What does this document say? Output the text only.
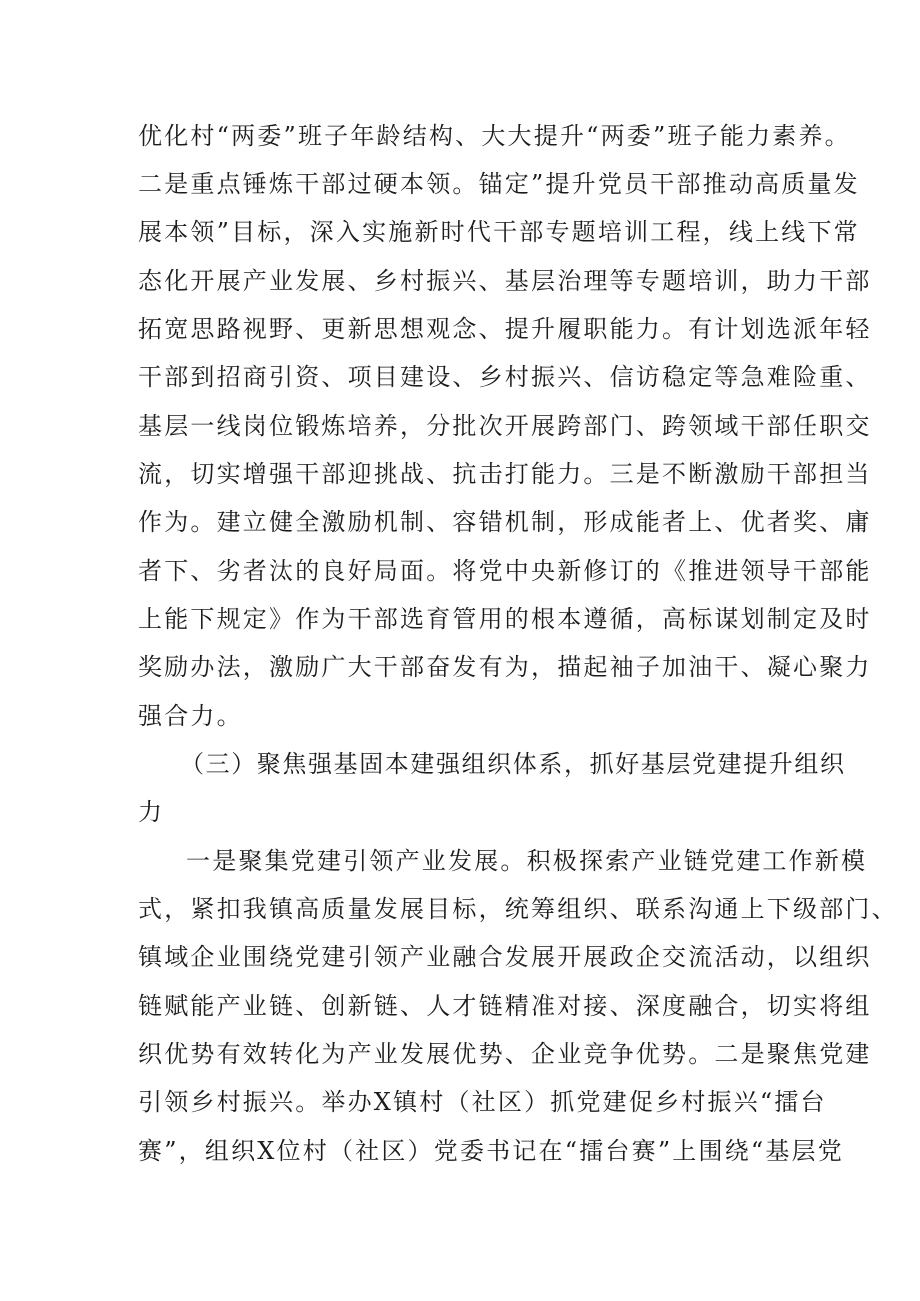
优化村“两委”班子年龄结构、大大提升“两委”班子能力素养。
二是重点锤炼干部过硬本领。锚定”提升党员干部推动高质量发
展本领”目标，深入实施新时代干部专题培训工程，线上线下常
态化开展产业发展、乡村振兴、基层治理等专题培训，助力干部
拓宽思路视野、更新思想观念、提升履职能力。有计划选派年轻
干部到招商引资、项目建设、乡村振兴、信访稳定等急难险重、
基层一线岗位锻炼培养，分批次开展跨部门、跨领域干部任职交
流，切实增强干部迎挑战、抗击打能力。三是不断激励干部担当
作为。建立健全激励机制、容错机制，形成能者上、优者奖、庸
者下、劣者汰的良好局面。将党中央新修订的《推进领导干部能
上能下规定》作为干部选育管用的根本遵循，高标谋划制定及时
奖励办法，激励广大干部奋发有为，描起袖子加油干、凝心聚力
强合力。
（三）聚焦强基固本建强组织体系，抓好基层党建提升组织
力
一是聚集党建引领产业发展。积极探索产业链党建工作新模
式，紧扣我镇高质量发展目标，统筹组织、联系沟通上下级部门、
镇域企业围绕党建引领产业融合发展开展政企交流活动，以组织
链赋能产业链、创新链、人才链精准对接、深度融合，切实将组
织优势有效转化为产业发展优势、企业竞争优势。二是聚焦党建
引领乡村振兴。举办X镇村（社区）抓党建促乡村振兴“擂台
赛”，组织X位村（社区）党委书记在“擂台赛”上围绕“基层党
